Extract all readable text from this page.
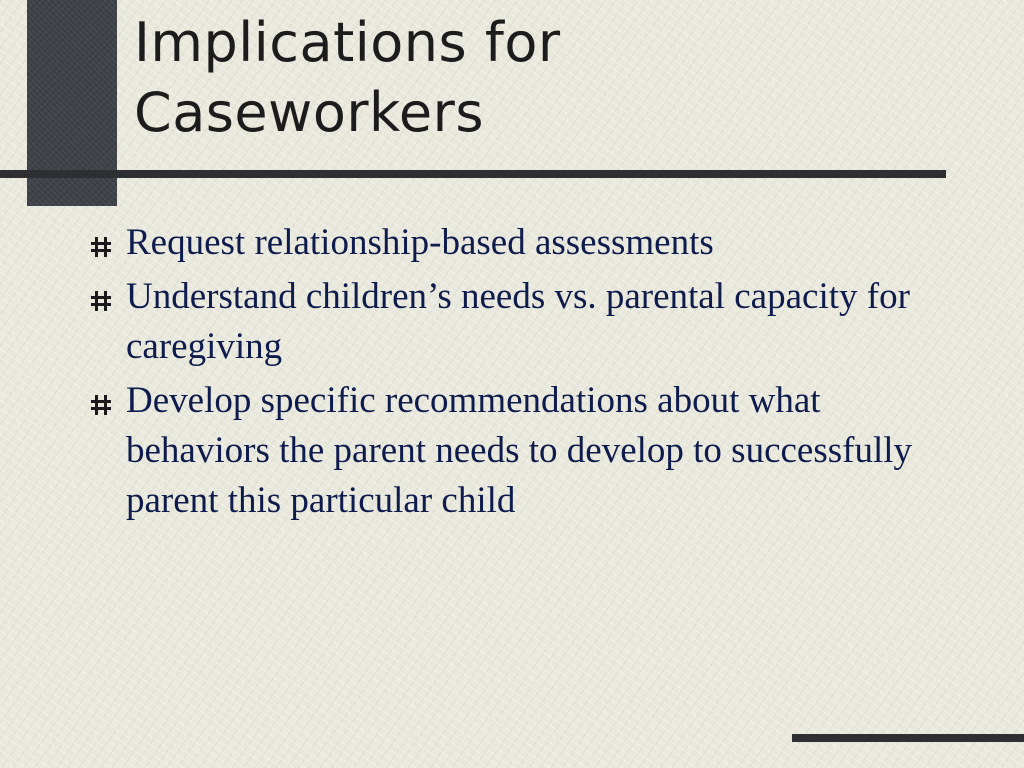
Implications for
Caseworkers
Request relationship-based assessments
Understand children’s needs vs. parental capacity for caregiving
Develop specific recommendations about what behaviors the parent needs to develop to successfully parent this particular child
